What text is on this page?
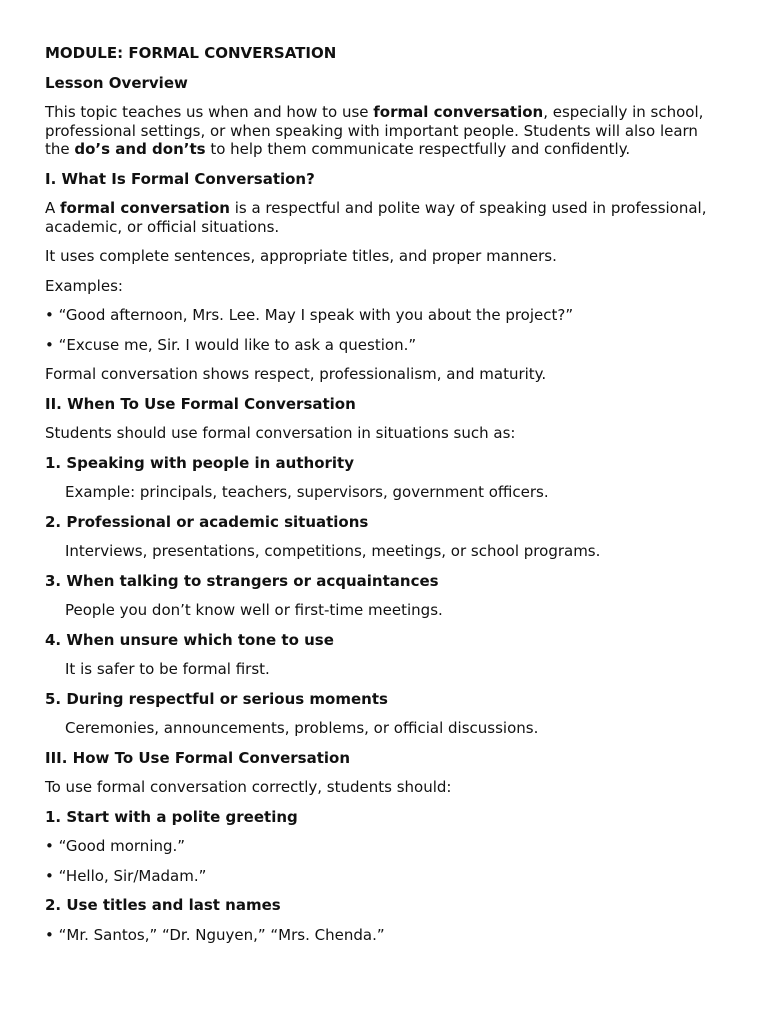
MODULE: FORMAL CONVERSATION

Lesson Overview

This topic teaches us when and how to use formal conversation, especially in school, professional settings, or when speaking with important people. Students will also learn the do’s and don’ts to help them communicate respectfully and confidently.

I. What Is Formal Conversation?

A formal conversation is a respectful and polite way of speaking used in professional, academic, or official situations.

It uses complete sentences, appropriate titles, and proper manners.

Examples:

• “Good afternoon, Mrs. Lee. May I speak with you about the project?”

• “Excuse me, Sir. I would like to ask a question.”

Formal conversation shows respect, professionalism, and maturity.

II. When To Use Formal Conversation

Students should use formal conversation in situations such as:

1. Speaking with people in authority

Example: principals, teachers, supervisors, government officers.

2. Professional or academic situations

Interviews, presentations, competitions, meetings, or school programs.

3. When talking to strangers or acquaintances

People you don’t know well or first-time meetings.

4. When unsure which tone to use

It is safer to be formal first.

5. During respectful or serious moments

Ceremonies, announcements, problems, or official discussions.

III. How To Use Formal Conversation

To use formal conversation correctly, students should:

1. Start with a polite greeting

• “Good morning.”

• “Hello, Sir/Madam.”

2. Use titles and last names

• “Mr. Santos,” “Dr. Nguyen,” “Mrs. Chenda.”
